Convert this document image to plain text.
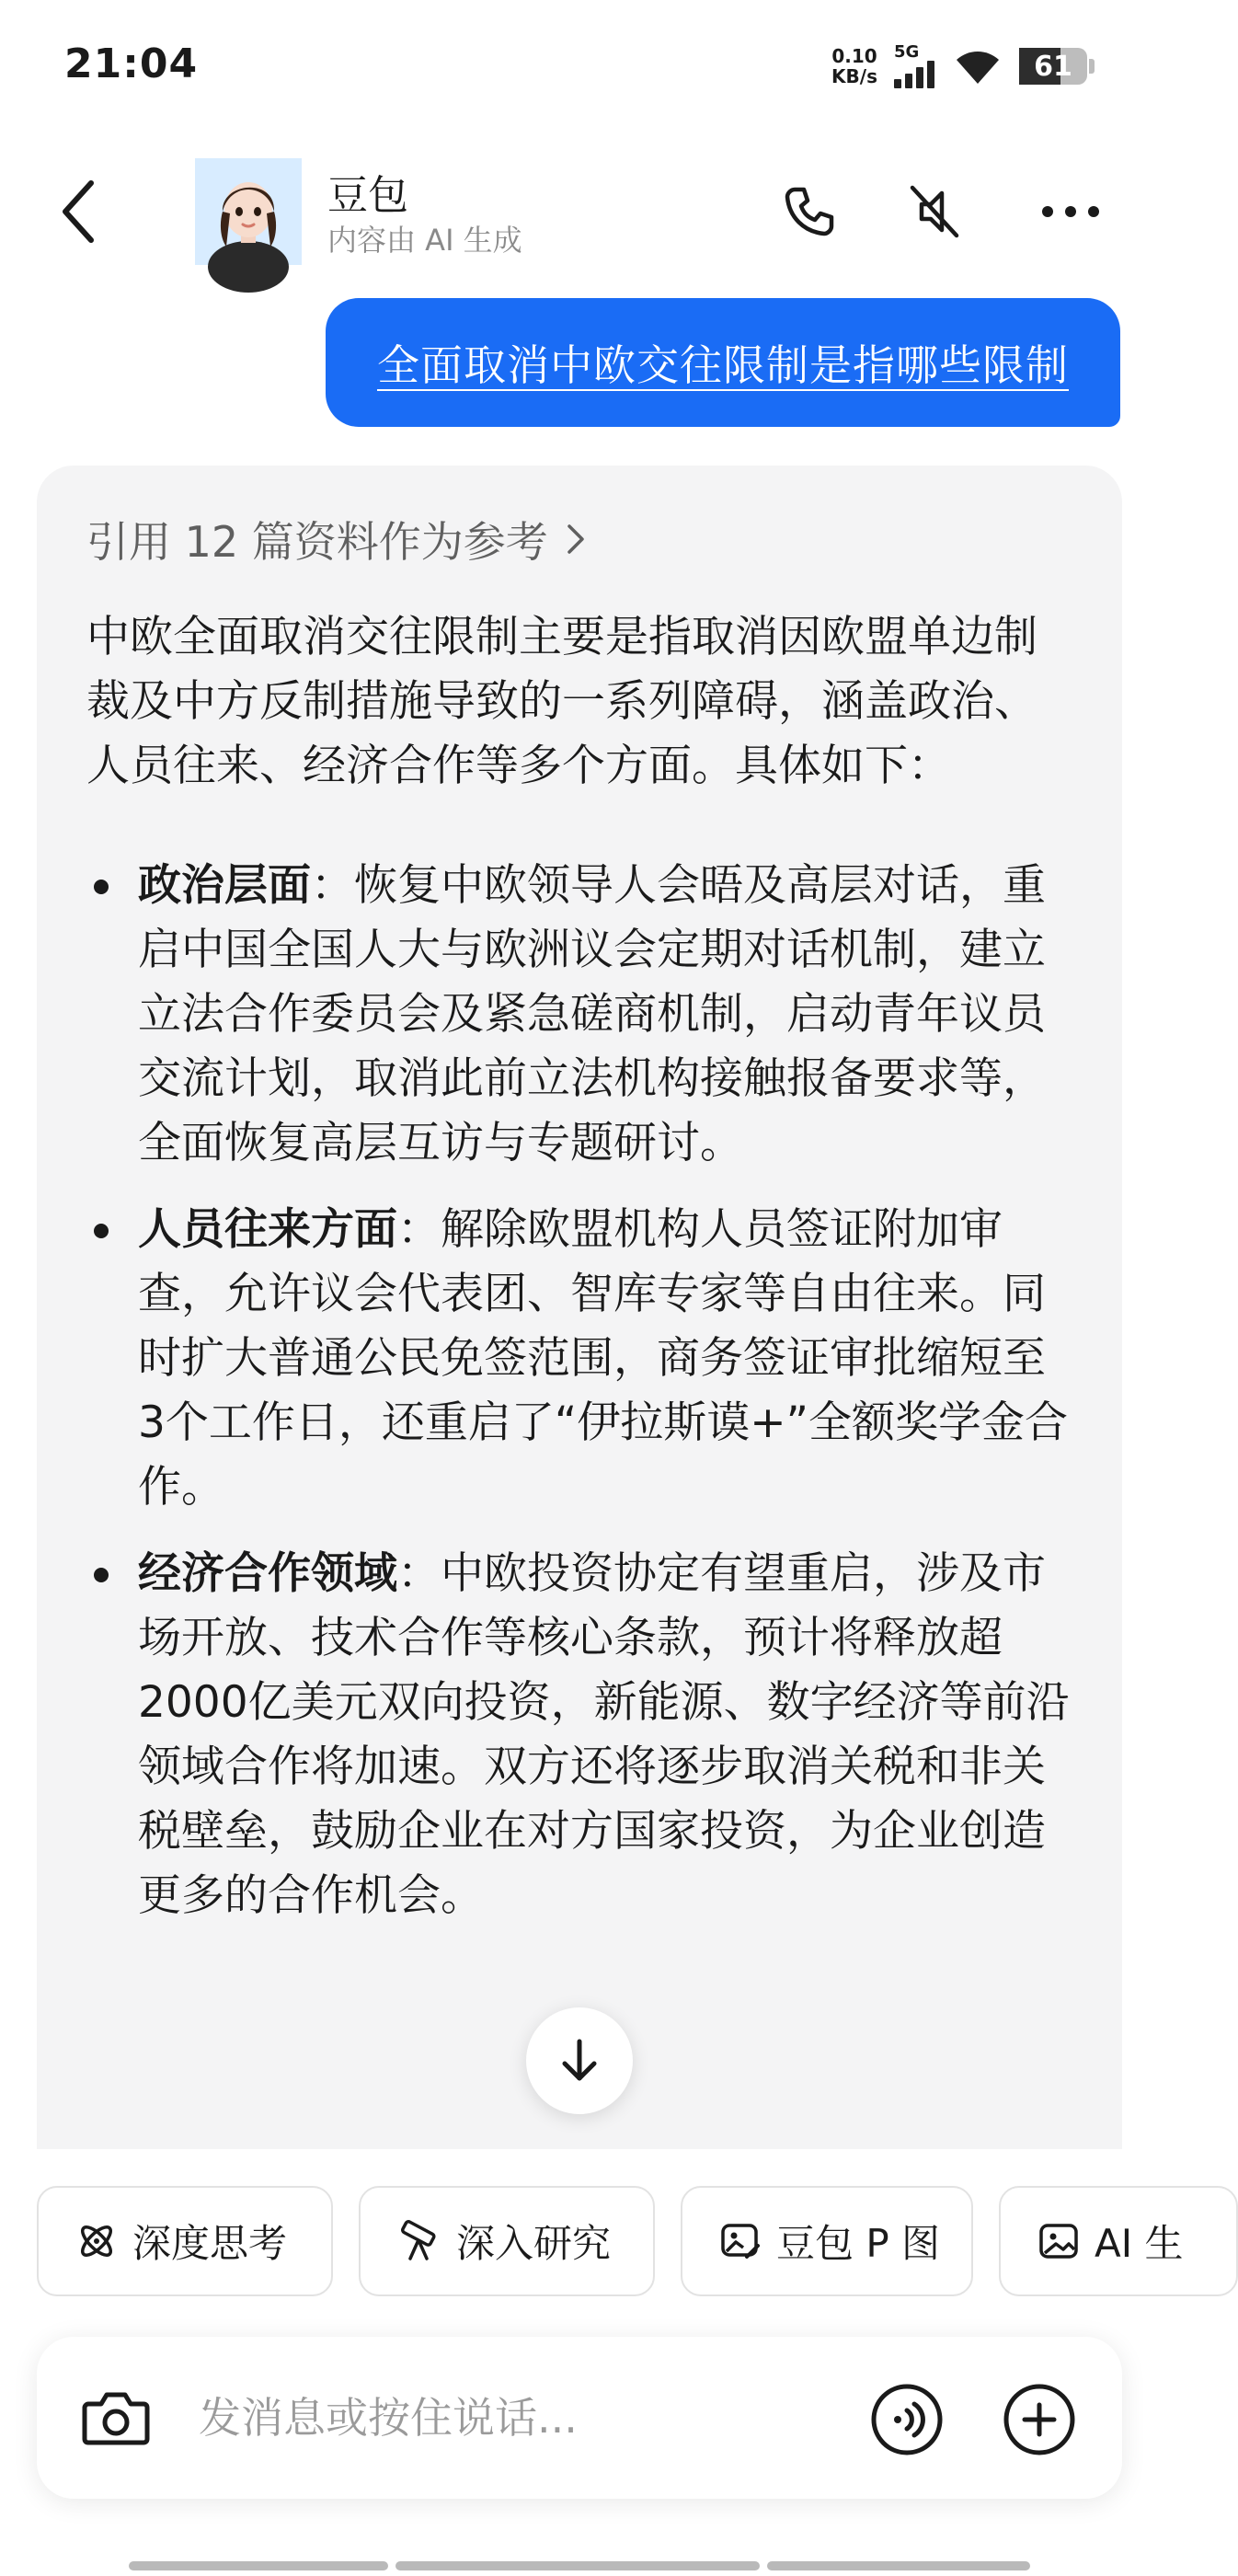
21:04	0.10
KB/s
5G	61
豆包
内容由 AI 生成
全面取消中欧交往限制是指哪些限制
引用 12 篇资料作为参考
中欧全面取消交往限制主要是指取消因欧盟单边制裁及中方反制措施导致的一系列障碍，涵盖政治、人员往来、经济合作等多个方面。具体如下：
政治层面：恢复中欧领导人会晤及高层对话，重启中国全国人大与欧洲议会定期对话机制，建立立法合作委员会及紧急磋商机制，启动青年议员交流计划，取消此前立法机构接触报备要求等，全面恢复高层互访与专题研讨。
人员往来方面：解除欧盟机构人员签证附加审查，允许议会代表团、智库专家等自由往来。同时扩大普通公民免签范围，商务签证审批缩短至3个工作日，还重启了“伊拉斯谟+”全额奖学金合作。
经济合作领域：中欧投资协定有望重启，涉及市场开放、技术合作等核心条款，预计将释放超2000亿美元双向投资，新能源、数字经济等前沿领域合作将加速。双方还将逐步取消关税和非关税壁垒，鼓励企业在对方国家投资，为企业创造更多的合作机会。
深度思考	深入研究	豆包 P 图	AI 生
发消息或按住说话...
